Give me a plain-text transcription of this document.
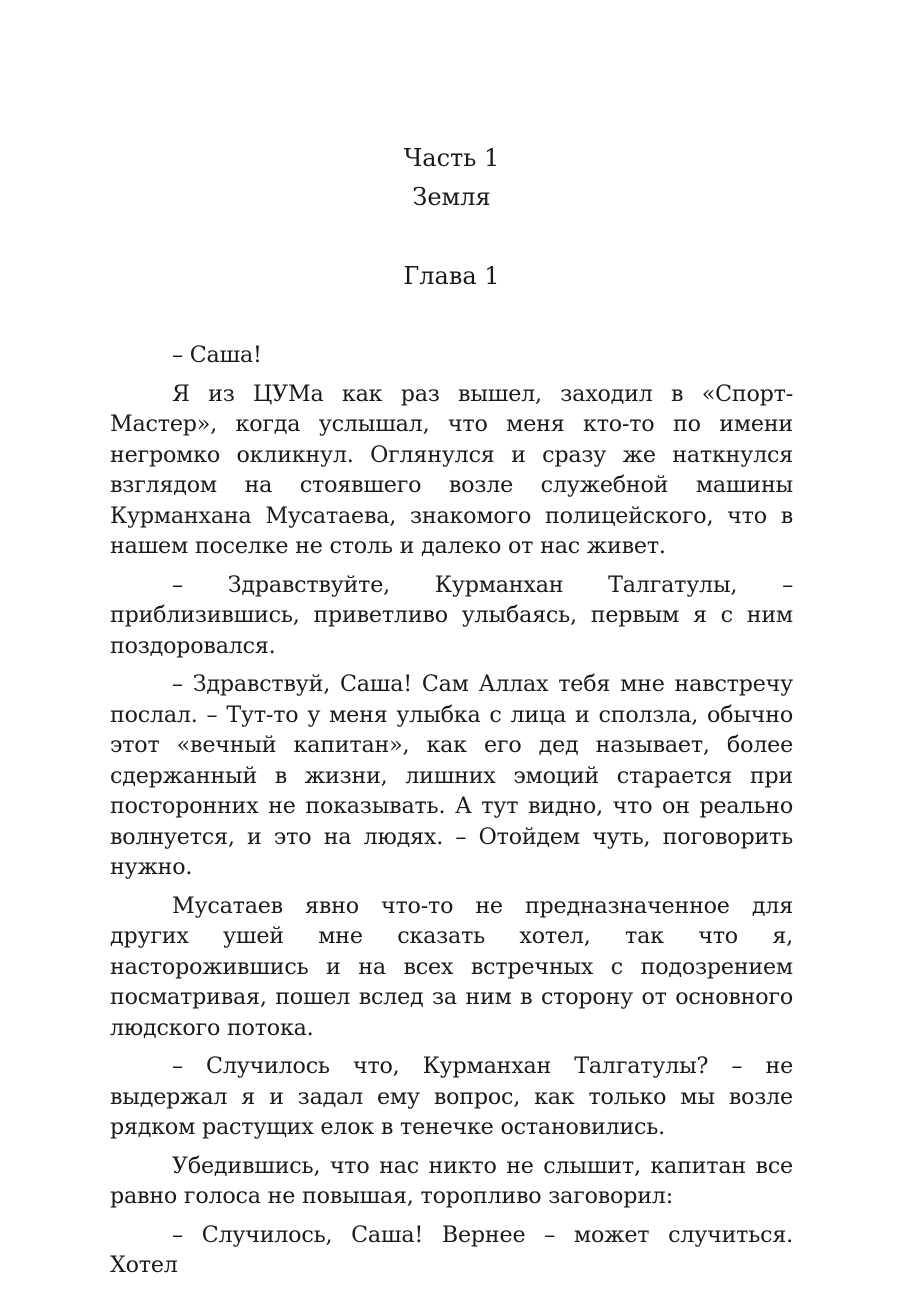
Часть 1
Земля
Глава 1

– Саша!

Я из ЦУМа как раз вышел, заходил в «Спорт-Мастер», когда услышал, что меня кто-то по имени негромко окликнул. Оглянулся и сразу же наткнулся взглядом на стоявшего возле служебной машины Курманхана Мусатаева, знакомого полицейского, что в нашем поселке не столь и далеко от нас живет.

– Здравствуйте, Курманхан Талгатулы, – приблизившись, приветливо улыбаясь, первым я с ним поздоровался.

– Здравствуй, Саша! Сам Аллах тебя мне навстречу послал. – Тут-то у меня улыбка с лица и сползла, обычно этот «вечный капитан», как его дед называет, более сдержанный в жизни, лишних эмоций старается при посторонних не показывать. А тут видно, что он реально волнуется, и это на людях. – Отойдем чуть, поговорить нужно.

Мусатаев явно что-то не предназначенное для других ушей мне сказать хотел, так что я, насторожившись и на всех встречных с подозрением посматривая, пошел вслед за ним в сторону от основного людского потока.

– Случилось что, Курманхан Талгатулы? – не выдержал я и задал ему вопрос, как только мы возле рядком растущих елок в тенечке остановились.

Убедившись, что нас никто не слышит, капитан все равно голоса не повышая, торопливо заговорил:

– Случилось, Саша! Вернее – может случиться. Хотел
